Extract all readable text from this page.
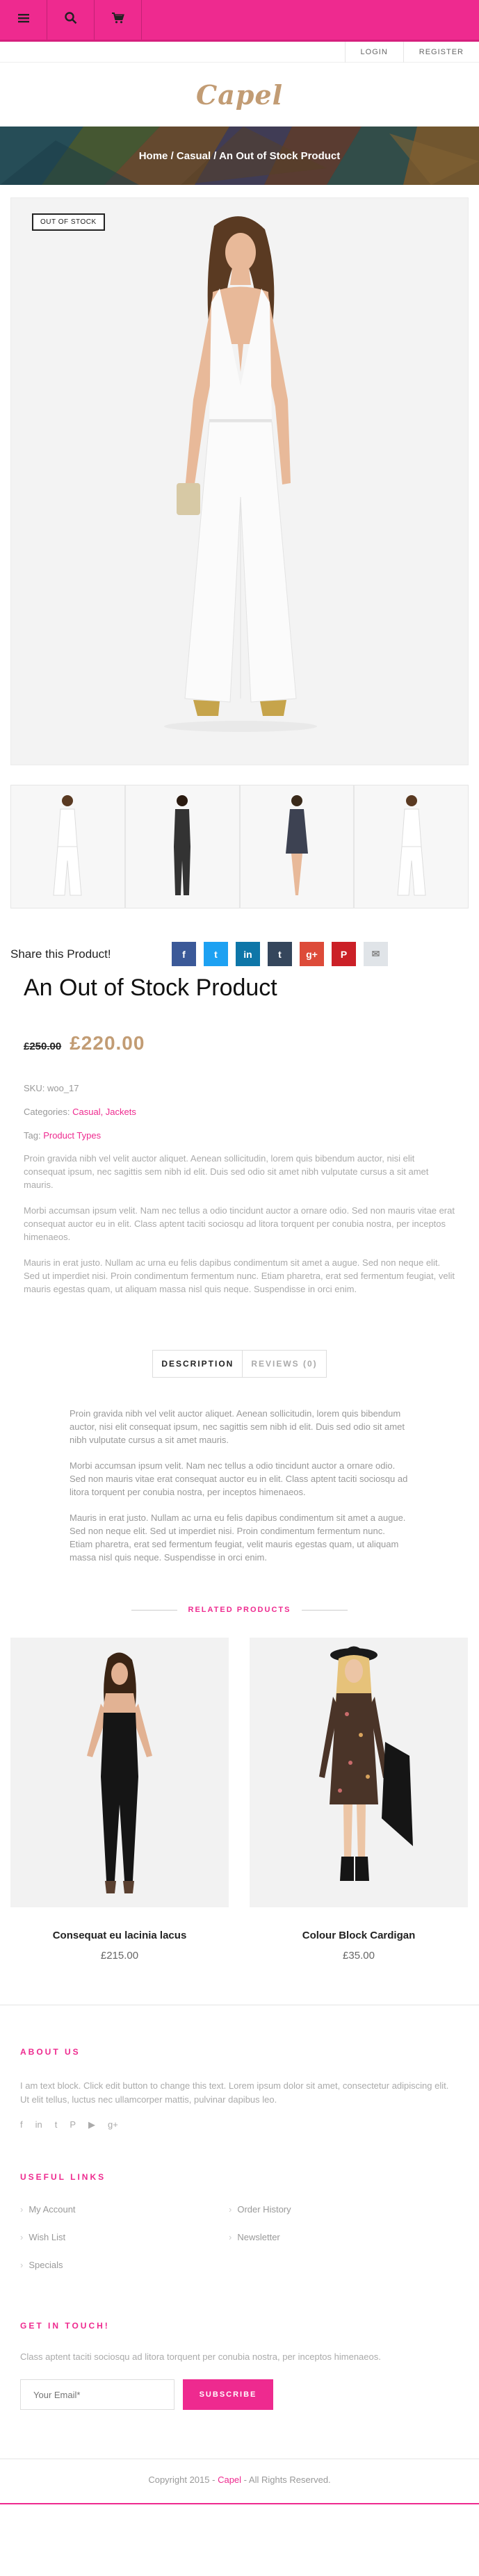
LOGIN	REGISTER
Capel
Home / Casual / An Out of Stock Product
OUT OF STOCK
Share this Product!	f	t	in	t	g+	P	✉
An Out of Stock Product
£250.00 £220.00
SKU: woo_17
Categories: Casual, Jackets
Tag: Product Types

Proin gravida nibh vel velit auctor aliquet. Aenean sollicitudin, lorem quis bibendum auctor, nisi elit consequat ipsum, nec sagittis sem nibh id elit. Duis sed odio sit amet nibh vulputate cursus a sit amet mauris.

Morbi accumsan ipsum velit. Nam nec tellus a odio tincidunt auctor a ornare odio. Sed non mauris vitae erat consequat auctor eu in elit. Class aptent taciti sociosqu ad litora torquent per conubia nostra, per inceptos himenaeos.

Mauris in erat justo. Nullam ac urna eu felis dapibus condimentum sit amet a augue. Sed non neque elit. Sed ut imperdiet nisi. Proin condimentum fermentum nunc. Etiam pharetra, erat sed fermentum feugiat, velit mauris egestas quam, ut aliquam massa nisl quis neque. Suspendisse in orci enim.

DESCRIPTION	REVIEWS (0)

Proin gravida nibh vel velit auctor aliquet. Aenean sollicitudin, lorem quis bibendum auctor, nisi elit consequat ipsum, nec sagittis sem nibh id elit. Duis sed odio sit amet nibh vulputate cursus a sit amet mauris.

Morbi accumsan ipsum velit. Nam nec tellus a odio tincidunt auctor a ornare odio. Sed non mauris vitae erat consequat auctor eu in elit. Class aptent taciti sociosqu ad litora torquent per conubia nostra, per inceptos himenaeos.

Mauris in erat justo. Nullam ac urna eu felis dapibus condimentum sit amet a augue. Sed non neque elit. Sed ut imperdiet nisi. Proin condimentum fermentum nunc. Etiam pharetra, erat sed fermentum feugiat, velit mauris egestas quam, ut aliquam massa nisl quis neque. Suspendisse in orci enim.

RELATED PRODUCTS
Consequat eu lacinia lacus
£215.00
Colour Block Cardigan
£35.00
ABOUT US
I am text block. Click edit button to change this text. Lorem ipsum dolor sit amet, consectetur adipiscing elit. Ut elit tellus, luctus nec ullamcorper mattis, pulvinar dapibus leo.
f in t P ▶ g+
USEFUL LINKS
› My Account	› Order History
› Wish List	› Newsletter
› Specials
GET IN TOUCH!
Class aptent taciti sociosqu ad litora torquent per conubia nostra, per inceptos himenaeos.
Your Email*
SUBSCRIBE
Copyright 2015 - Capel - All Rights Reserved.
